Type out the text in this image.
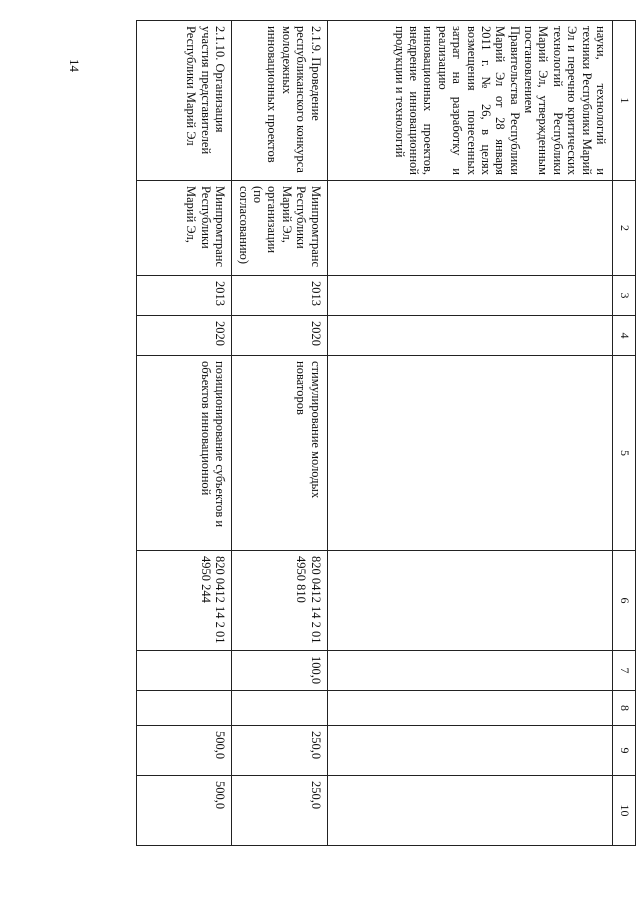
14
1	2	3	4	5	6	7	8	9	10
науки, технологий и техники Республики Марий Эл и перечню критических технологий Республики Марий Эл, утвержденным постановлением Правительства Республики Марий Эл от 28 января 2011 г. № 26, в целях возмещения понесенных затрат на разработку и реализацию инновационных проектов, внедрение инновационной продукции и технологий									
2.1.9. Проведение республиканского конкурса молодежных инновационных проектов	Минпромтранс Республики Марий Эл, организации (по согласованию)	2013	2020	стимулирование молодых новаторов	820 0412 14 2 01 4950 810	100,0		250,0	250,0
2.1.10. Организация участия представителей Республики Марий Эл	Минпромтранс Республики Марий Эл,	2013	2020	позиционирование субъектов и объектов инновационной	820 0412 14 2 01 4950 244			500,0	500,0
